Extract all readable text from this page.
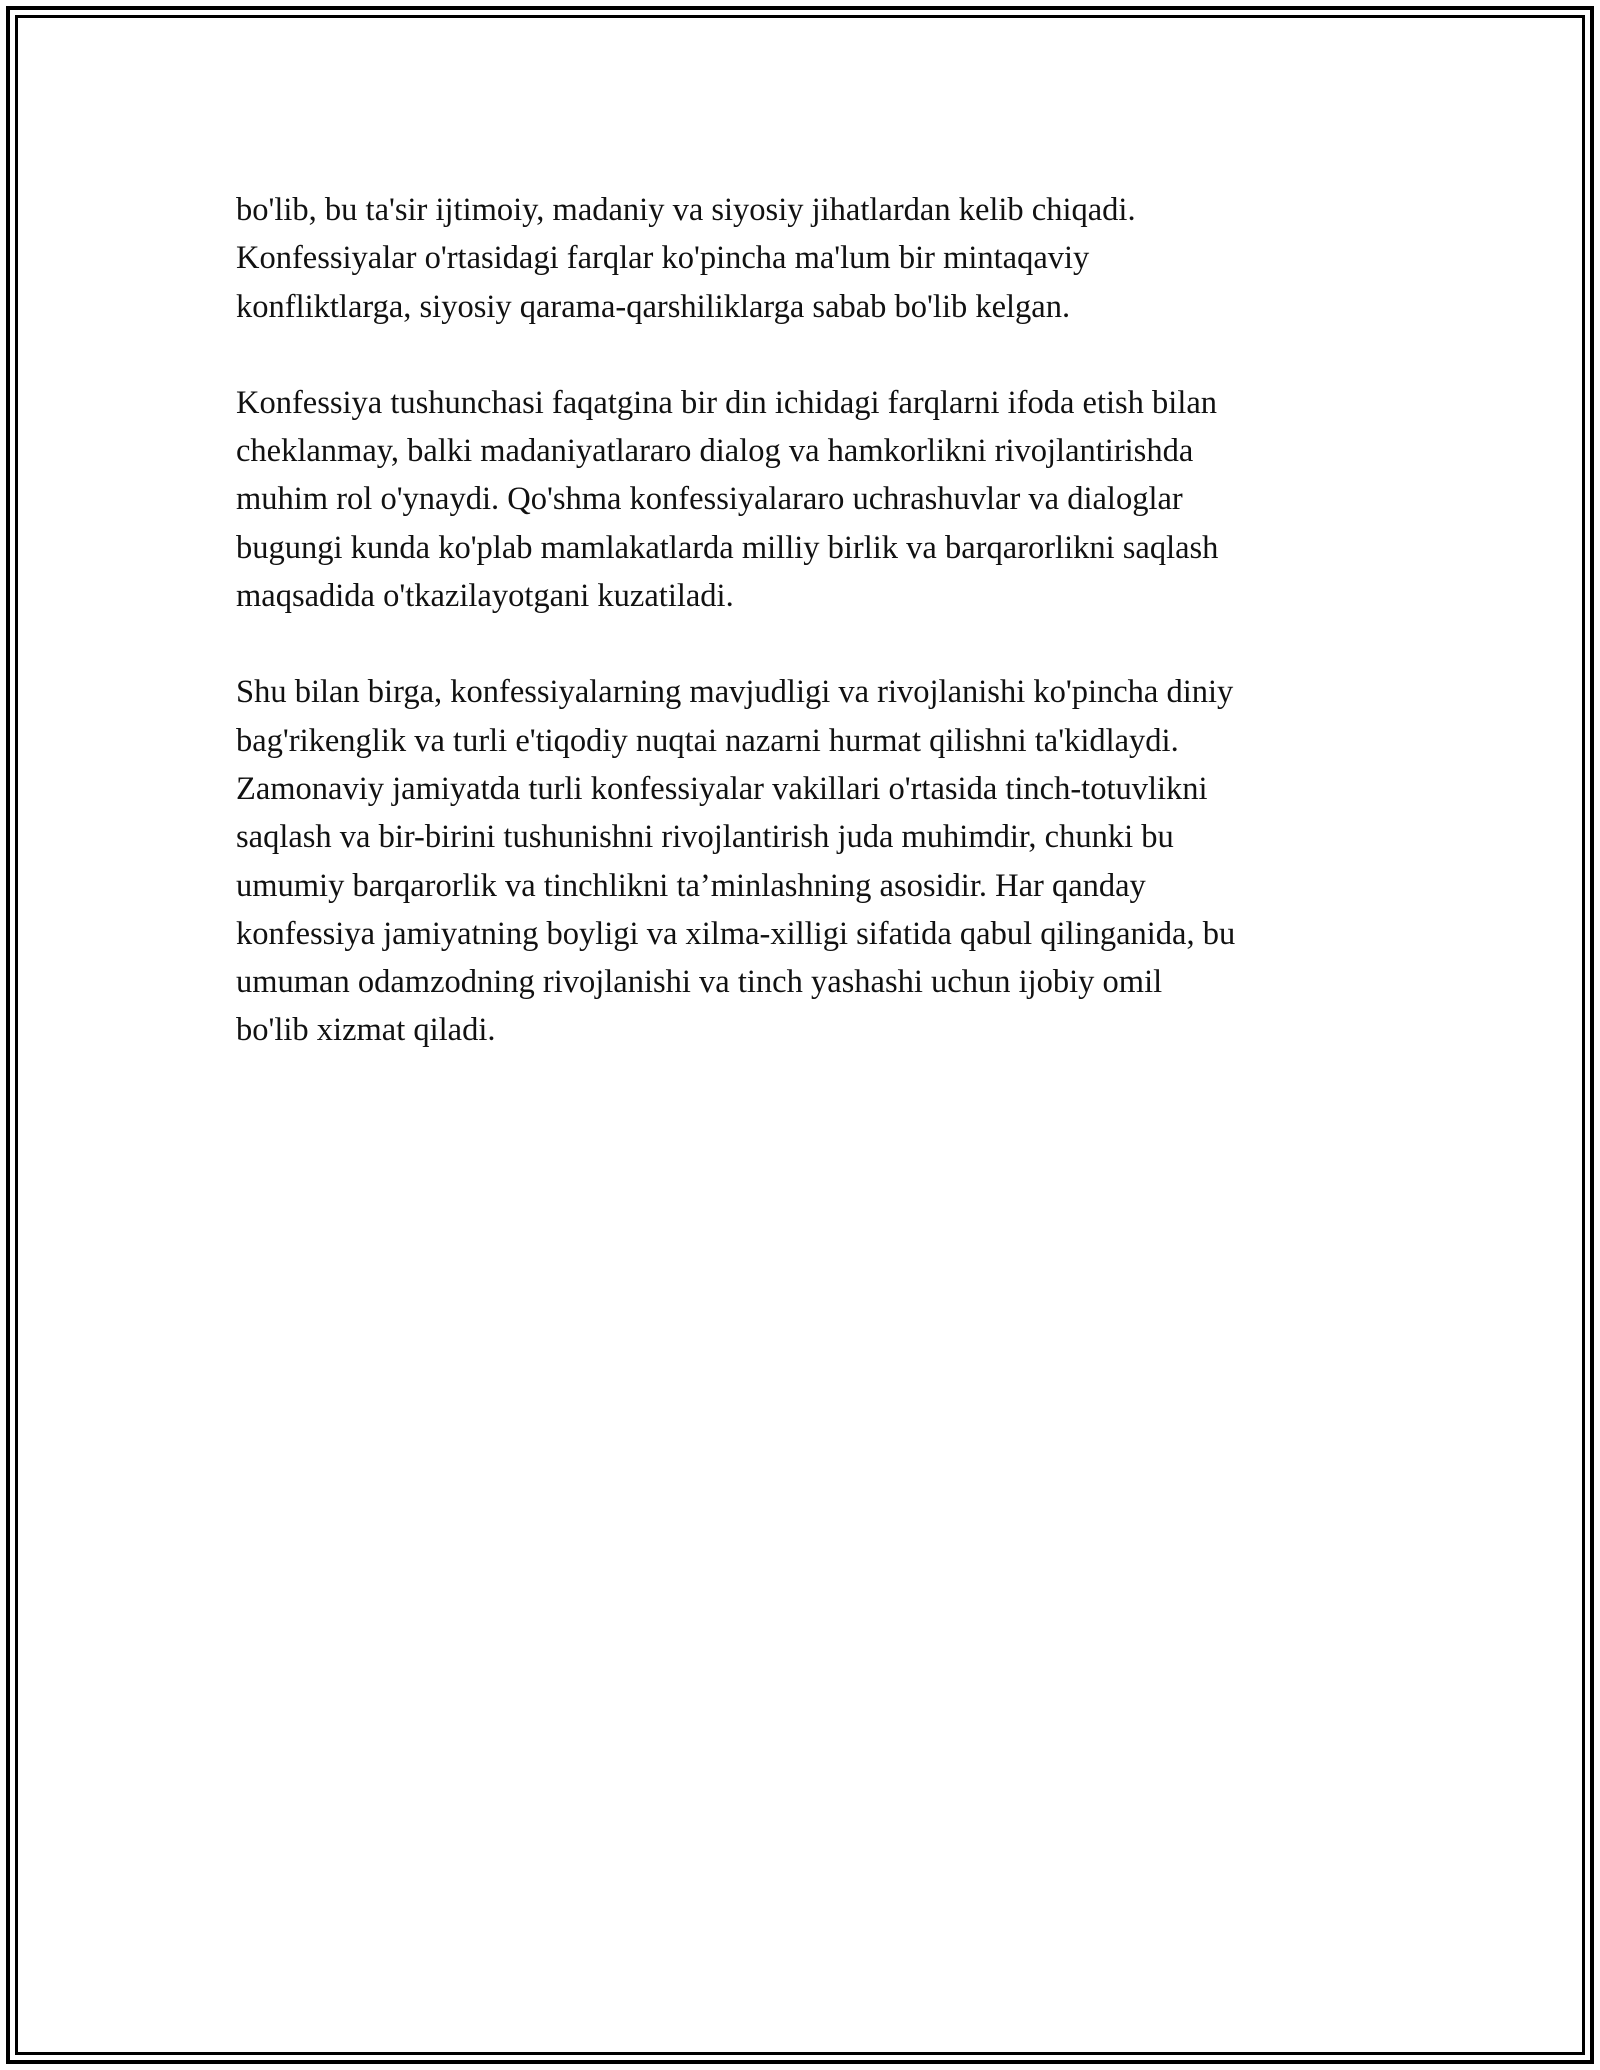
bo'lib, bu ta'sir ijtimoiy, madaniy va siyosiy jihatlardan kelib chiqadi.
Konfessiyalar o'rtasidagi farqlar ko'pincha ma'lum bir mintaqaviy
konfliktlarga, siyosiy qarama-qarshiliklarga sabab bo'lib kelgan.

Konfessiya tushunchasi faqatgina bir din ichidagi farqlarni ifoda etish bilan
cheklanmay, balki madaniyatlararo dialog va hamkorlikni rivojlantirishda
muhim rol o'ynaydi. Qo'shma konfessiyalararo uchrashuvlar va dialoglar
bugungi kunda ko'plab mamlakatlarda milliy birlik va barqarorlikni saqlash
maqsadida o'tkazilayotgani kuzatiladi.

Shu bilan birga, konfessiyalarning mavjudligi va rivojlanishi ko'pincha diniy
bag'rikenglik va turli e'tiqodiy nuqtai nazarni hurmat qilishni ta'kidlaydi.
Zamonaviy jamiyatda turli konfessiyalar vakillari o'rtasida tinch-totuvlikni
saqlash va bir-birini tushunishni rivojlantirish juda muhimdir, chunki bu
umumiy barqarorlik va tinchlikni ta’minlashning asosidir. Har qanday
konfessiya jamiyatning boyligi va xilma-xilligi sifatida qabul qilinganida, bu
umuman odamzodning rivojlanishi va tinch yashashi uchun ijobiy omil
bo'lib xizmat qiladi.
